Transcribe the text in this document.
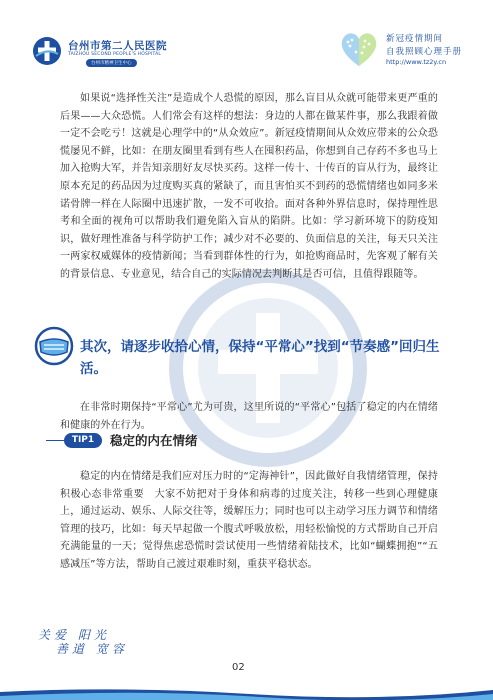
台州市第二人民医院
TAIZHOU SECOND PEOPLE'S HOSPITAL
台州市精神卫生中心
新冠疫情期间
自我照顾心理手册
http://www.tz2y.cn
如果说“选择性关注”是造成个人恐慌的原因，那么盲目从众就可能带来更严重的后果——大众恐慌。人们常会有这样的想法：身边的人都在做某件事，那么我跟着做一定不会吃亏！这就是心理学中的“从众效应”。新冠疫情期间从众效应带来的公众恐慌屡见不鲜，比如：在朋友圈里看到有些人在囤积药品，你想到自己存药不多也马上加入抢购大军，并告知亲朋好友尽快买药。这样一传十、十传百的盲从行为，最终让原本充足的药品因为过度购买真的紧缺了，而且害怕买不到药的恐慌情绪也如同多米诺骨牌一样在人际圈中迅速扩散，一发不可收拾。面对各种外界信息时，保持理性思考和全面的视角可以帮助我们避免陷入盲从的陷阱。比如：学习新环境下的防疫知识，做好理性准备与科学防护工作；减少对不必要的、负面信息的关注，每天只关注一两家权威媒体的疫情新闻；当看到群体性的行为，如抢购商品时，先客观了解有关的背景信息、专业意见，结合自己的实际情况去判断其是否可信，且值得跟随等。
其次，请逐步收拾心情，保持“平常心”找到“节奏感”回归生活。
在非常时期保持“平常心”尤为可贵，这里所说的“平常心”包括了稳定的内在情绪和健康的外在行为。
TIP1	稳定的内在情绪
稳定的内在情绪是我们应对压力时的“定海神针”，因此做好自我情绪管理，保持积极心态非常重要　大家不妨把对于身体和病毒的过度关注，转移一些到心理健康上，通过运动、娱乐、人际交往等，缓解压力；同时也可以主动学习压力调节和情绪管理的技巧，比如：每天早起做一个腹式呼吸放松，用轻松愉悦的方式帮助自己开启充满能量的一天；觉得焦虑恐慌时尝试使用一些情绪着陆技术，比如“蝴蝶拥抱”“五感减压”等方法，帮助自己渡过艰难时刻，重获平稳状态。
关爱 阳光
善道 宽容
02
